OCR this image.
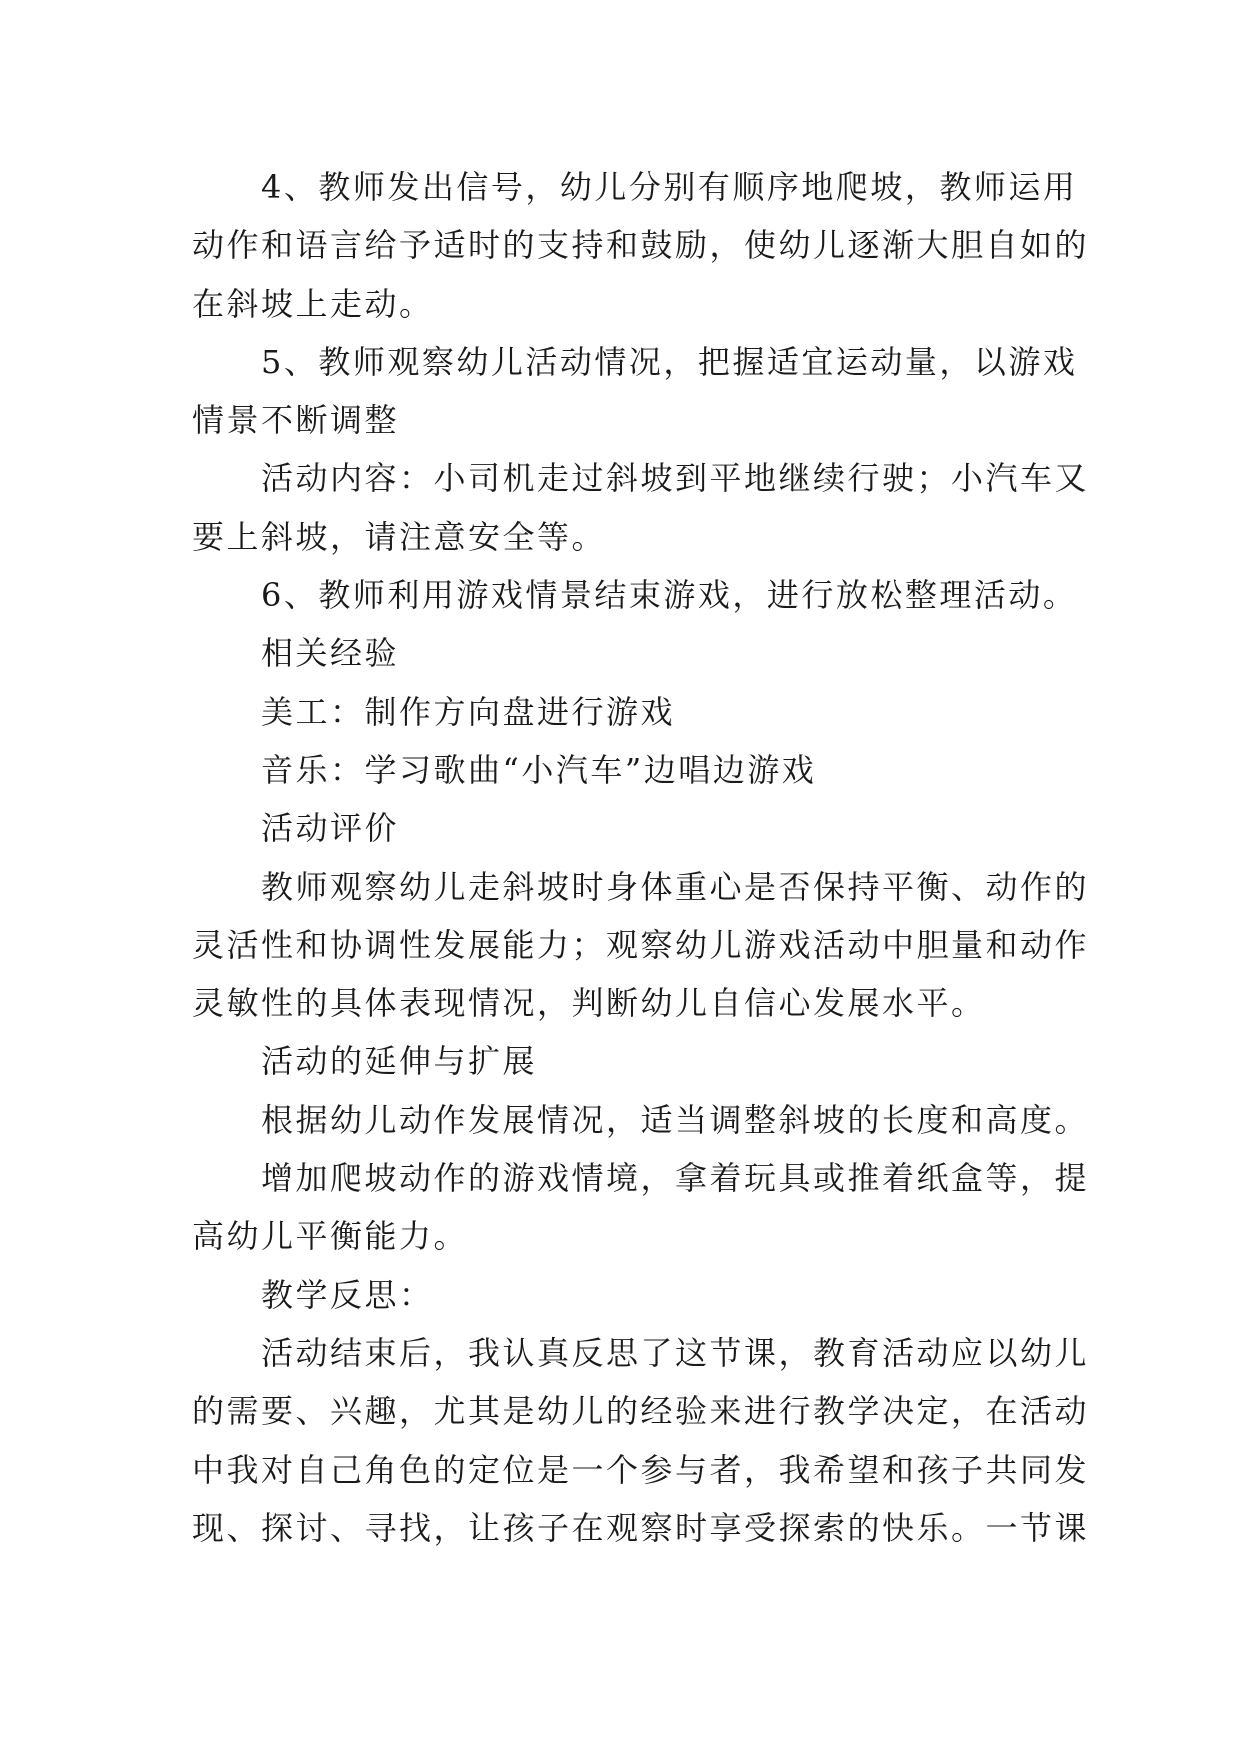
　　4、教师发出信号，幼儿分别有顺序地爬坡，教师运用动作和语言给予适时的支持和鼓励，使幼儿逐渐大胆自如的在斜坡上走动。

　　5、教师观察幼儿活动情况，把握适宜运动量，以游戏情景不断调整

　　活动内容：小司机走过斜坡到平地继续行驶；小汽车又要上斜坡，请注意安全等。

　　6、教师利用游戏情景结束游戏，进行放松整理活动。

　　相关经验

　　美工：制作方向盘进行游戏

　　音乐：学习歌曲“小汽车”边唱边游戏

　　活动评价

　　教师观察幼儿走斜坡时身体重心是否保持平衡、动作的灵活性和协调性发展能力；观察幼儿游戏活动中胆量和动作灵敏性的具体表现情况，判断幼儿自信心发展水平。

　　活动的延伸与扩展

　　根据幼儿动作发展情况，适当调整斜坡的长度和高度。

　　增加爬坡动作的游戏情境，拿着玩具或推着纸盒等，提高幼儿平衡能力。

　　教学反思：

　　活动结束后，我认真反思了这节课，教育活动应以幼儿的需要、兴趣，尤其是幼儿的经验来进行教学决定，在活动中我对自己角色的定位是一个参与者，我希望和孩子共同发现、探讨、寻找，让孩子在观察时享受探索的快乐。一节课
